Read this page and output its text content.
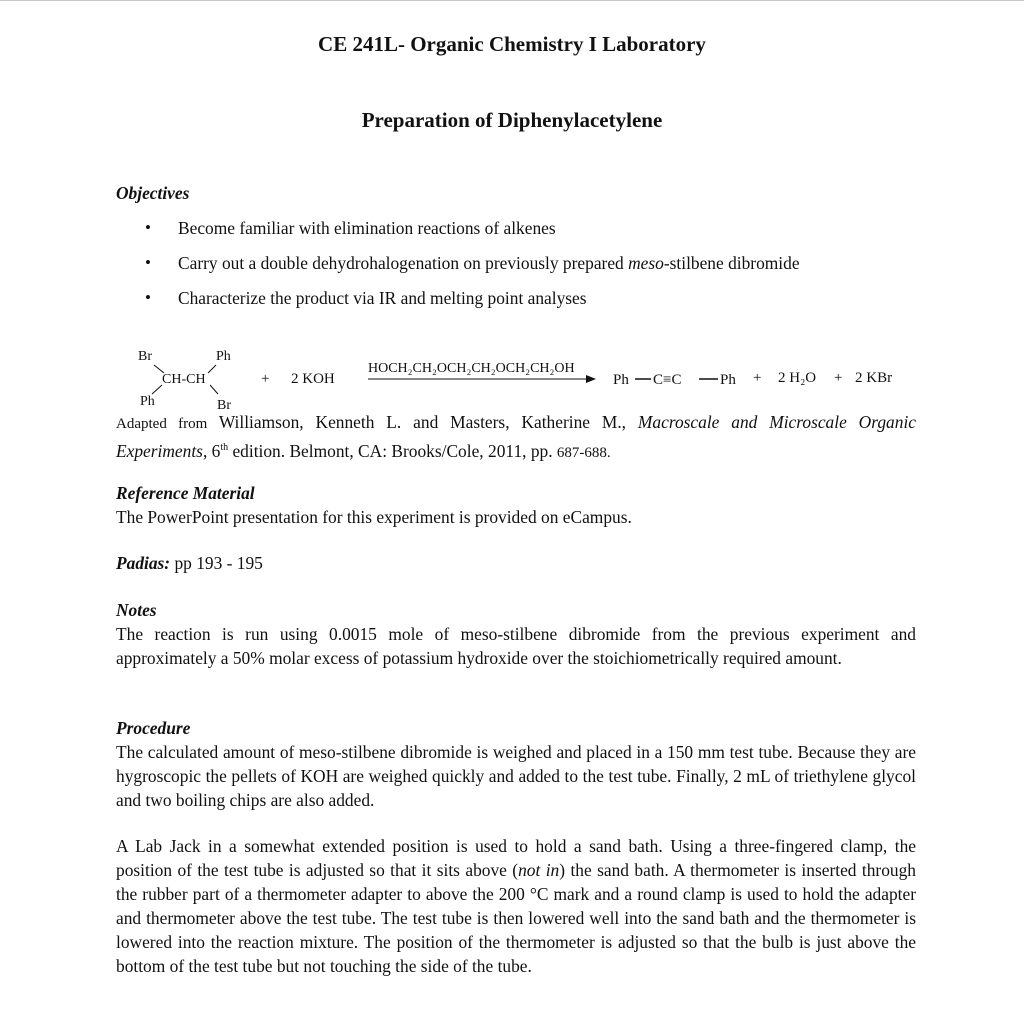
CE 241L- Organic Chemistry I Laboratory
Preparation of Diphenylacetylene
Objectives
• Become familiar with elimination reactions of alkenes
• Carry out a double dehydrohalogenation on previously prepared meso-stilbene dibromide
• Characterize the product via IR and melting point analyses
Br	Ph
CH-CH
Ph	Br
+ 2 KOH
HOCH₂CH₂OCH₂CH₂OCH₂CH₂OH
Ph C≡C	Ph + 2 H₂O + 2 KBr
Adapted from Williamson, Kenneth L. and Masters, Katherine M., Macroscale and Microscale Organic Experiments, 6th edition. Belmont, CA: Brooks/Cole, 2011, pp. 687-688.
Reference Material
The PowerPoint presentation for this experiment is provided on eCampus.
Padias: pp 193 - 195
Notes
The reaction is run using 0.0015 mole of meso-stilbene dibromide from the previous experiment and approximately a 50% molar excess of potassium hydroxide over the stoichiometrically required amount.
Procedure
The calculated amount of meso-stilbene dibromide is weighed and placed in a 150 mm test tube. Because they are hygroscopic the pellets of KOH are weighed quickly and added to the test tube. Finally, 2 mL of triethylene glycol and two boiling chips are also added.
A Lab Jack in a somewhat extended position is used to hold a sand bath. Using a three-fingered clamp, the position of the test tube is adjusted so that it sits above (not in) the sand bath. A thermometer is inserted through the rubber part of a thermometer adapter to above the 200 °C mark and a round clamp is used to hold the adapter and thermometer above the test tube. The test tube is then lowered well into the sand bath and the thermometer is lowered into the reaction mixture. The position of the thermometer is adjusted so that the bulb is just above the bottom of the test tube but not touching the side of the tube.
